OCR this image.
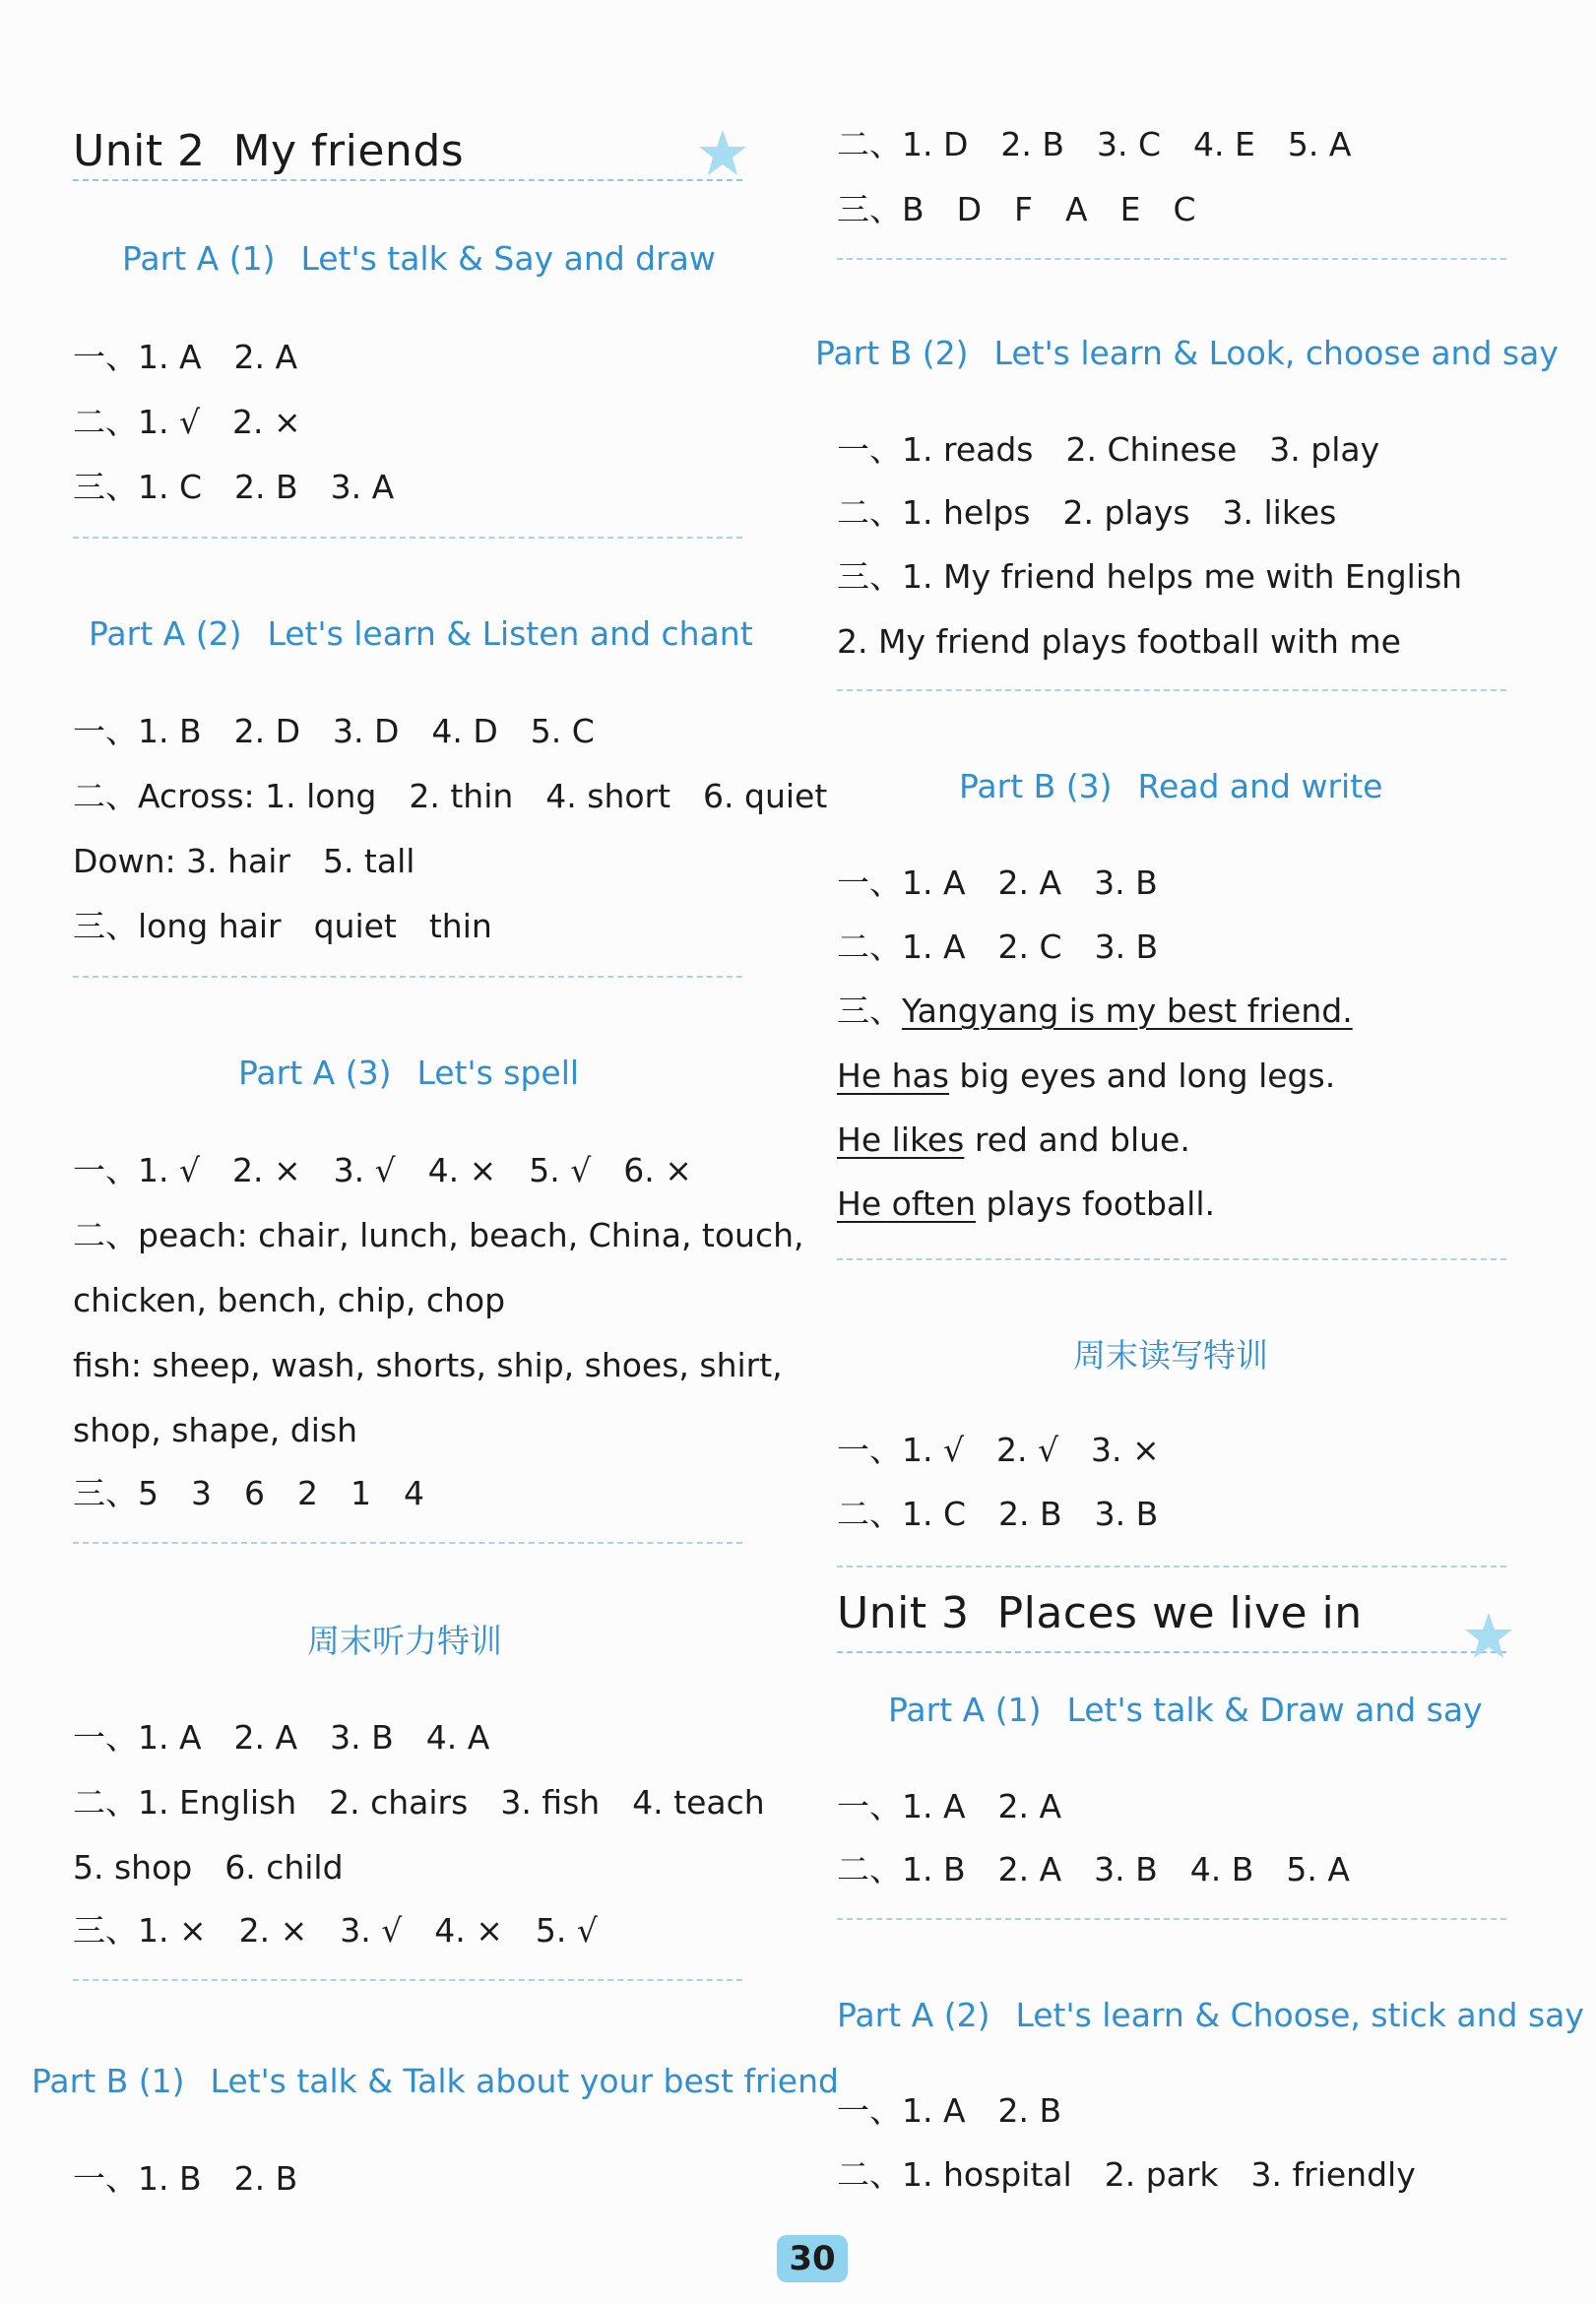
Unit 2 My friends
Part A (1) Let's talk & Say and draw
一、1. A　2. A
二、1. √　2. ×
三、1. C　2. B　3. A
Part A (2) Let's learn & Listen and chant
一、1. B　2. D　3. D　4. D　5. C
二、Across: 1. long　2. thin　4. short　6. quiet
Down: 3. hair　5. tall
三、long hair　quiet　thin
Part A (3) Let's spell
一、1. √　2. ×　3. √　4. ×　5. √　6. ×
二、peach: chair, lunch, beach, China, touch,
chicken, bench, chip, chop
fish: sheep, wash, shorts, ship, shoes, shirt,
shop, shape, dish
三、5　3　6　2　1　4
周末听力特训
一、1. A　2. A　3. B　4. A
二、1. English　2. chairs　3. fish　4. teach
5. shop　6. child
三、1. ×　2. ×　3. √　4. ×　5. √
Part B (1) Let's talk & Talk about your best friend
一、1. B　2. B
二、1. D　2. B　3. C　4. E　5. A
三、B　D　F　A　E　C
Part B (2) Let's learn & Look, choose and say
一、1. reads　2. Chinese　3. play
二、1. helps　2. plays　3. likes
三、1. My friend helps me with English
2. My friend plays football with me
Part B (3) Read and write
一、1. A　2. A　3. B
二、1. A　2. C　3. B
三、Yangyang is my best friend.
He has big eyes and long legs.
He likes red and blue.
He often plays football.
周末读写特训
一、1. √　2. √　3. ×
二、1. C　2. B　3. B
Unit 3 Places we live in
Part A (1) Let's talk & Draw and say
一、1. A　2. A
二、1. B　2. A　3. B　4. B　5. A
Part A (2) Let's learn & Choose, stick and say
一、1. A　2. B
二、1. hospital　2. park　3. friendly
30
